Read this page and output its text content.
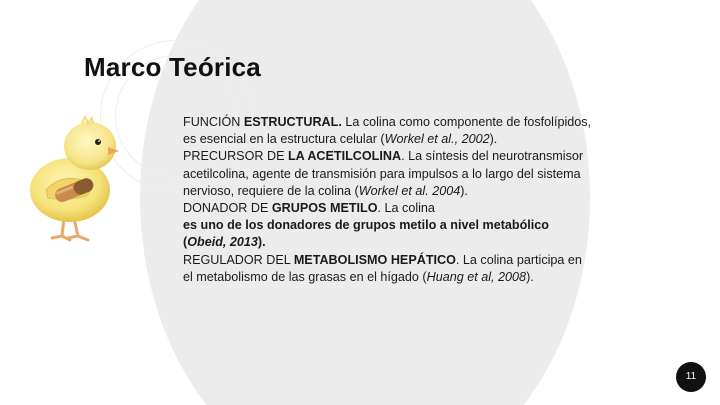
Marco Teórica

FUNCIÓN ESTRUCTURAL. La colina como componente de fosfolípidos, es esencial en la estructura celular (Workel et al., 2002).

PRECURSOR DE LA ACETILCOLINA. La síntesis del neurotransmisor acetilcolina, agente de transmisión para impulsos a lo largo del sistema nervioso, requiere de la colina (Workel et al. 2004).

DONADOR DE GRUPOS METILO. La colina

es uno de los donadores de grupos metilo a nivel metabólico (Obeid, 2013).

REGULADOR DEL METABOLISMO HEPÁTICO. La colina participa en el metabolismo de las grasas en el hígado (Huang et al, 2008).

11
